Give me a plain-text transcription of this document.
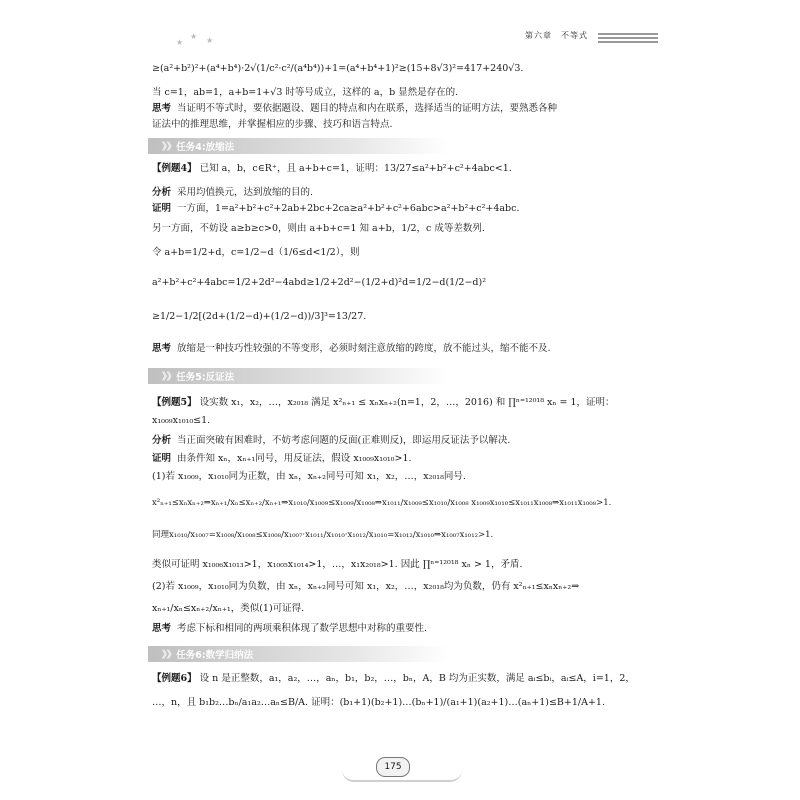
★
★ ★
第六章　不等式
≥(a²+b²)²+(a⁴+b⁴)·2√(1/c²·c²/(a⁴b⁴))+1=(a⁴+b⁴+1)²≥(15+8√3)²=417+240√3.
当 c=1，ab=1，a+b=1+√3 时等号成立，这样的 a，b 显然是存在的.
思考 当证明不等式时，要依据题设、题目的特点和内在联系，选择适当的证明方法，要熟悉各种
证法中的推理思维，并掌握相应的步骤、技巧和语言特点.
》》任务4:放缩法
【例题4】 已知 a，b，c∈R⁺，且 a+b+c=1，证明：13/27≤a²+b²+c²+4abc<1.
分析 采用均值换元，达到放缩的目的.
证明 一方面，1=a²+b²+c²+2ab+2bc+2ca≥a²+b²+c²+6abc>a²+b²+c²+4abc.
另一方面，不妨设 a≥b≥c>0，则由 a+b+c=1 知 a+b，1/2，c 成等差数列.
令 a+b=1/2+d，c=1/2−d（1/6≤d<1/2），则
a²+b²+c²+4abc=1/2+2d²−4abd≥1/2+2d²−(1/2+d)²d=1/2−d(1/2−d)²
≥1/2−1/2[(2d+(1/2−d)+(1/2−d))/3]³=13/27.
思考 放缩是一种技巧性较强的不等变形，必须时刻注意放缩的跨度，放不能过头，缩不能不及.
》》任务5:反证法
【例题5】 设实数 x₁，x₂，…，x₂₀₁₈ 满足 x²ₙ₊₁ ≤ xₙxₙ₊₂(n=1，2，…，2016) 和 ∏ⁿ⁼¹²⁰¹⁸ xₙ = 1，证明：
x₁₀₀₉x₁₀₁₀≤1.
分析 当正面突破有困难时，不妨考虑问题的反面(正难则反)，即运用反证法予以解决.
证明 由条件知 xₙ，xₙ₊₁同号，用反证法，假设 x₁₀₀₉x₁₀₁₀>1.
(1)若 x₁₀₀₉，x₁₀₁₀同为正数，由 xₙ，xₙ₊₂同号可知 x₁，x₂，…，x₂₀₁₈同号.
x²ₙ₊₁≤xₙxₙ₊₂⇒xₙ₊₁/xₙ≤xₙ₊₂/xₙ₊₁⇒x₁₀₁₀/x₁₀₀₉≤x₁₀₀₉/x₁₀₀₈⇒x₁₀₁₁/x₁₀₀₉≤x₁₀₁₀/x₁₀₀₈ x₁₀₀₉x₁₀₁₀≤x₁₀₁₁x₁₀₀₈⇒x₁₀₁₁x₁₀₀₈>1.
同理x₁₀₁₀/x₁₀₀₇=x₁₀₀₈/x₁₀₀₈≤x₁₀₀₈/x₁₀₀₇·x₁₀₁₁/x₁₀₁₀·x₁₀₁₂/x₁₀₁₀=x₁₀₁₂/x₁₀₁₀⇒x₁₀₀₇x₁₀₁₂>1.
类似可证明 x₁₀₀₆x₁₀₁₃>1，x₁₀₀₅x₁₀₁₄>1，…，x₁x₂₀₁₈>1. 因此 ∏ⁿ⁼¹²⁰¹⁸ xₙ > 1，矛盾.
(2)若 x₁₀₀₉，x₁₀₁₀同为负数，由 xₙ，xₙ₊₂同号可知 x₁，x₂，…，x₂₀₁₈均为负数，仍有 x²ₙ₊₁≤xₙxₙ₊₂⇒
xₙ₊₁/xₙ≤xₙ₊₂/xₙ₊₁，类似(1)可证得.
思考 考虑下标和相同的两项乘积体现了数学思想中对称的重要性.
》》任务6:数学归纳法
【例题6】 设 n 是正整数，a₁，a₂，…，aₙ，b₁，b₂，…，bₙ，A，B 均为正实数，满足 aᵢ≤bᵢ，aᵢ≤A，i=1，2，
…，n，且 b₁b₂…bₙ/a₁a₂…aₙ≤B/A. 证明：(b₁+1)(b₂+1)…(bₙ+1)/(a₁+1)(a₂+1)…(aₙ+1)≤B+1/A+1.
175
